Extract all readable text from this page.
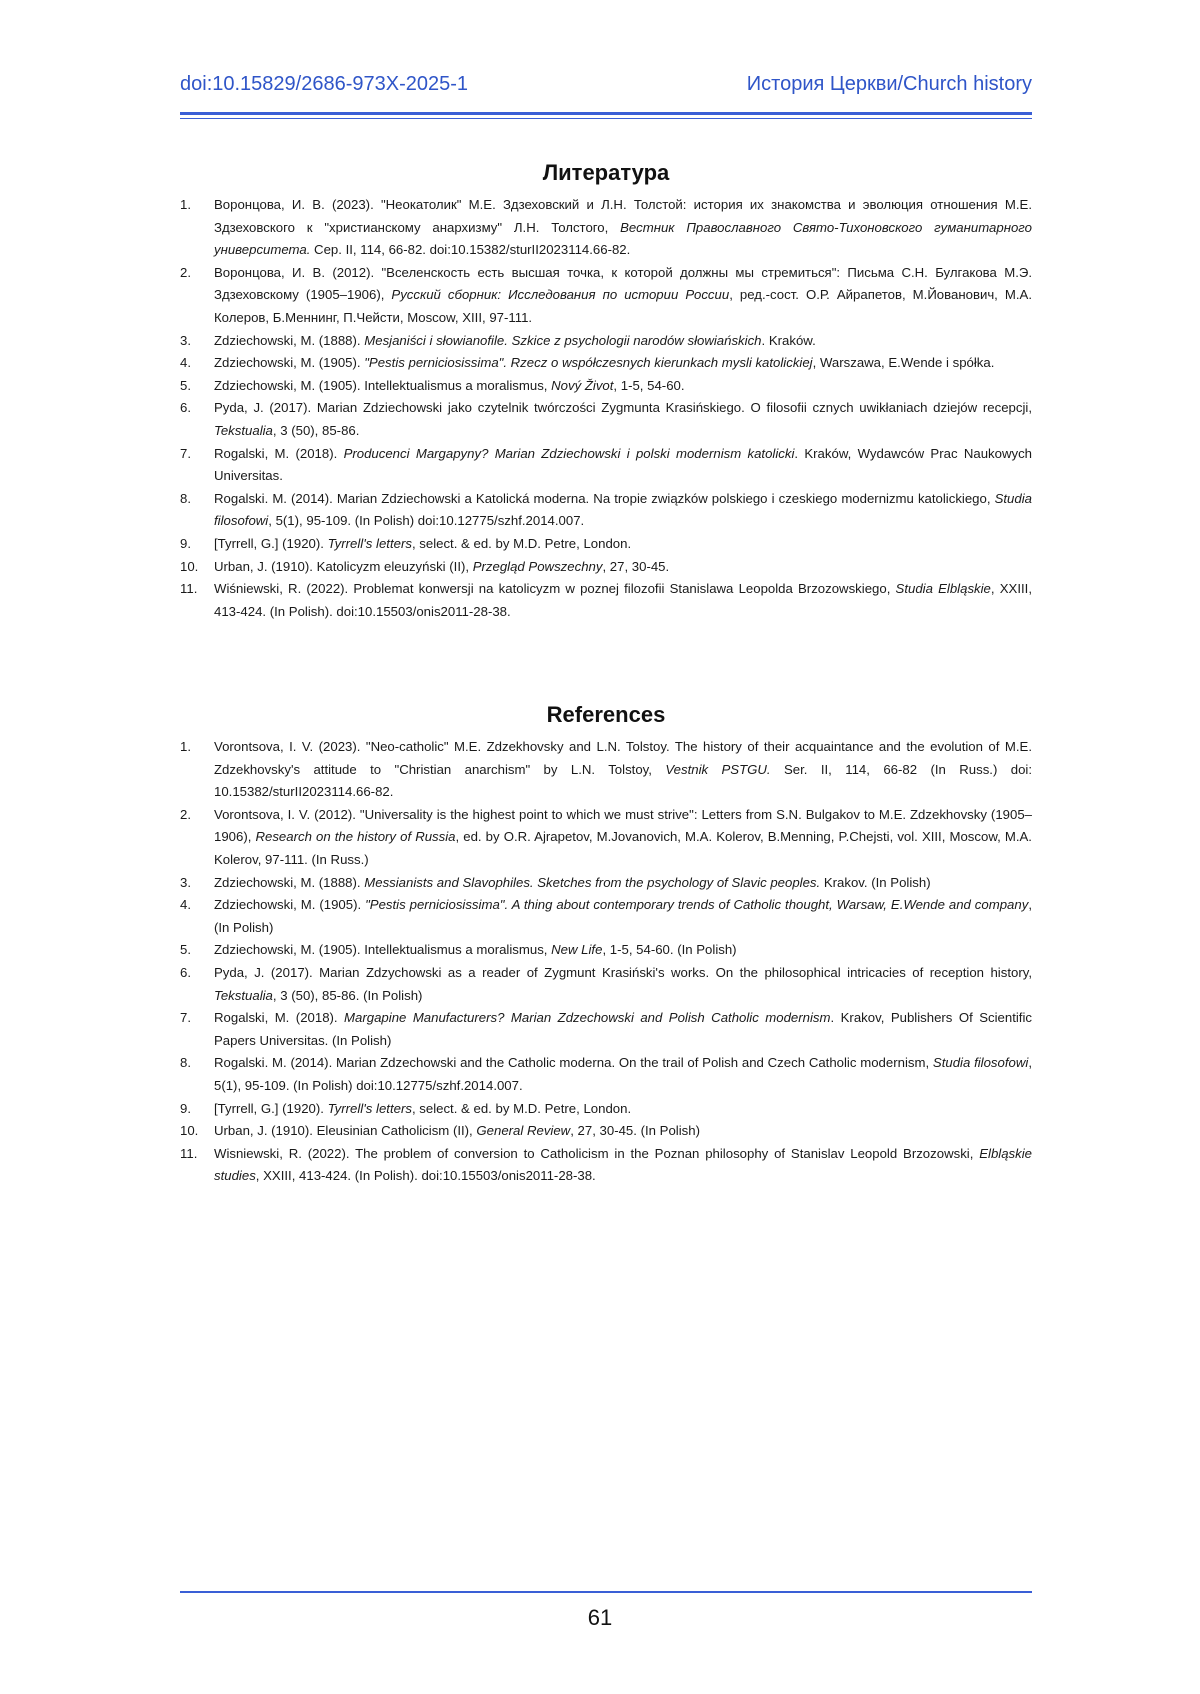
doi:10.15829/2686-973X-2025-1	История Церкви/Church history
Литература
1. Воронцова, И. В. (2023). "Неокатолик" М.Е. Здзеховский и Л.Н. Толстой: история их знакомства и эволюция отношения М.Е. Здзеховского к "христианскому анархизму" Л.Н. Толстого, Вестник Православного Свято-Тихоновского гуманитарного университета. Сер. II, 114, 66-82. doi:10.15382/sturII2023114.66-82.
2. Воронцова, И. В. (2012). "Вселенскость есть высшая точка, к которой должны мы стремиться": Письма С.Н. Булгакова М.Э. Здзеховскому (1905–1906), Русский сборник: Исследования по истории России, ред.-сост. О.Р. Айрапетов, М.Йованович, М.А. Колеров, Б.Меннинг, П.Чейсти, Moscow, XIII, 97-111.
3. Zdziechowski, M. (1888). Mesjaniści i słowianofile. Szkice z psychologii narodów słowiańskich. Kraków.
4. Zdziechowski, M. (1905). "Pestis perniciosissima". Rzecz o współczesnych kierunkach mysli katolickiej, Warszawa, E.Wende i spółka.
5. Zdziechowski, M. (1905). Intellektualismus a moralismus, Nový Život, 1-5, 54-60.
6. Pyda, J. (2017). Marian Zdziechowski jako czytelnik twórczości Zygmunta Krasińskiego. O filosofii cznych uwikłaniach dziejów recepcji, Tekstualia, 3 (50), 85-86.
7. Rogalski, M. (2018). Producenci Margapyny? Marian Zdziechowski i polski modernism katolicki. Kraków, Wydawców Prac Naukowych Universitas.
8. Rogalski. M. (2014). Marian Zdziechowski a Katolická moderna. Na tropie związków polskiego i czeskiego modernizmu katolickiego, Studia filosofowi, 5(1), 95-109. (In Polish) doi:10.12775/szhf.2014.007.
9. [Tyrrell, G.] (1920). Tyrrell's letters, select. & ed. by M.D. Petre, London.
10. Urban, J. (1910). Katolicyzm eleuzyński (II), Przegląd Powszechny, 27, 30-45.
11. Wiśniewski, R. (2022). Problemat konwersji na katolicyzm w poznej filozofii Stanislawa Leopolda Brzozowskiego, Studia Elbląskie, XXIII, 413-424. (In Polish). doi:10.15503/onis2011-28-38.
References
1. Vorontsova, I. V. (2023). "Neo-catholic" M.E. Zdzekhovsky and L.N. Tolstoy. The history of their acquaintance and the evolution of M.E. Zdzekhovsky's attitude to "Christian anarchism" by L.N. Tolstoy, Vestnik PSTGU. Ser. II, 114, 66-82 (In Russ.) doi: 10.15382/sturII2023114.66-82.
2. Vorontsova, I. V. (2012). "Universality is the highest point to which we must strive": Letters from S.N. Bulgakov to M.E. Zdzekhovsky (1905–1906), Research on the history of Russia, ed. by O.R. Ajrapetov, M.Jovanovich, M.A. Kolerov, B.Menning, P.Chejsti, vol. XIII, Moscow, M.A. Kolerov, 97-111. (In Russ.)
3. Zdziechowski, M. (1888). Messianists and Slavophiles. Sketches from the psychology of Slavic peoples. Krakov. (In Polish)
4. Zdziechowski, M. (1905). "Pestis perniciosissima". A thing about contemporary trends of Catholic thought, Warsaw, E.Wende and company, (In Polish)
5. Zdziechowski, M. (1905). Intellektualismus a moralismus, New Life, 1-5, 54-60. (In Polish)
6. Pyda, J. (2017). Marian Zdzychowski as a reader of Zygmunt Krasiński's works. On the philosophical intricacies of reception history, Tekstualia, 3 (50), 85-86. (In Polish)
7. Rogalski, M. (2018). Margapine Manufacturers? Marian Zdzechowski and Polish Catholic modernism. Krakov, Publishers Of Scientific Papers Universitas. (In Polish)
8. Rogalski. M. (2014). Marian Zdzechowski and the Catholic moderna. On the trail of Polish and Czech Catholic modernism, Studia filosofowi, 5(1), 95-109. (In Polish) doi:10.12775/szhf.2014.007.
9. [Tyrrell, G.] (1920). Tyrrell's letters, select. & ed. by M.D. Petre, London.
10. Urban, J. (1910). Eleusinian Catholicism (II), General Review, 27, 30-45. (In Polish)
11. Wisniewski, R. (2022). The problem of conversion to Catholicism in the Poznan philosophy of Stanislav Leopold Brzozowski, Elbląskie studies, XXIII, 413-424. (In Polish). doi:10.15503/onis2011-28-38.
61
